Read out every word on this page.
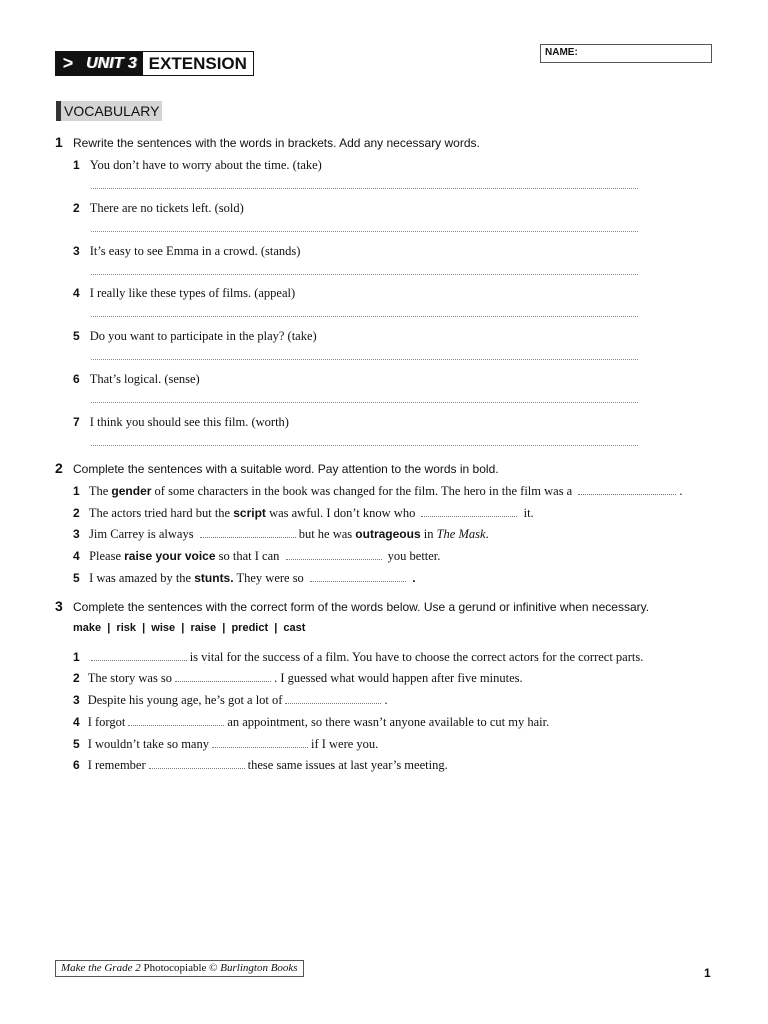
> UNIT 3 EXTENSION
NAME:
VOCABULARY
1 Rewrite the sentences with the words in brackets. Add any necessary words.
1 You don’t have to worry about the time. (take)
2 There are no tickets left. (sold)
3 It’s easy to see Emma in a crowd. (stands)
4 I really like these types of films. (appeal)
5 Do you want to participate in the play? (take)
6 That’s logical. (sense)
7 I think you should see this film. (worth)
2 Complete the sentences with a suitable word. Pay attention to the words in bold.
1 The gender of some characters in the book was changed for the film. The hero in the film was a	.
2 The actors tried hard but the script was awful. I don’t know who	it.
3 Jim Carrey is always	but he was outrageous in The Mask.
4 Please raise your voice so that I can	you better.
5 I was amazed by the stunts. They were so	.
3 Complete the sentences with the correct form of the words below. Use a gerund or infinitive when necessary.
make  |  risk  |  wise  |  raise  |  predict  |  cast
1	is vital for the success of a film. You have to choose the correct actors for the correct parts.
2 The story was so	. I guessed what would happen after five minutes.
3 Despite his young age, he’s got a lot of	.
4 I forgot	an appointment, so there wasn’t anyone available to cut my hair.
5 I wouldn’t take so many	if I were you.
6 I remember	these same issues at last year’s meeting.
Make the Grade 2 Photocopiable © Burlington Books	1
